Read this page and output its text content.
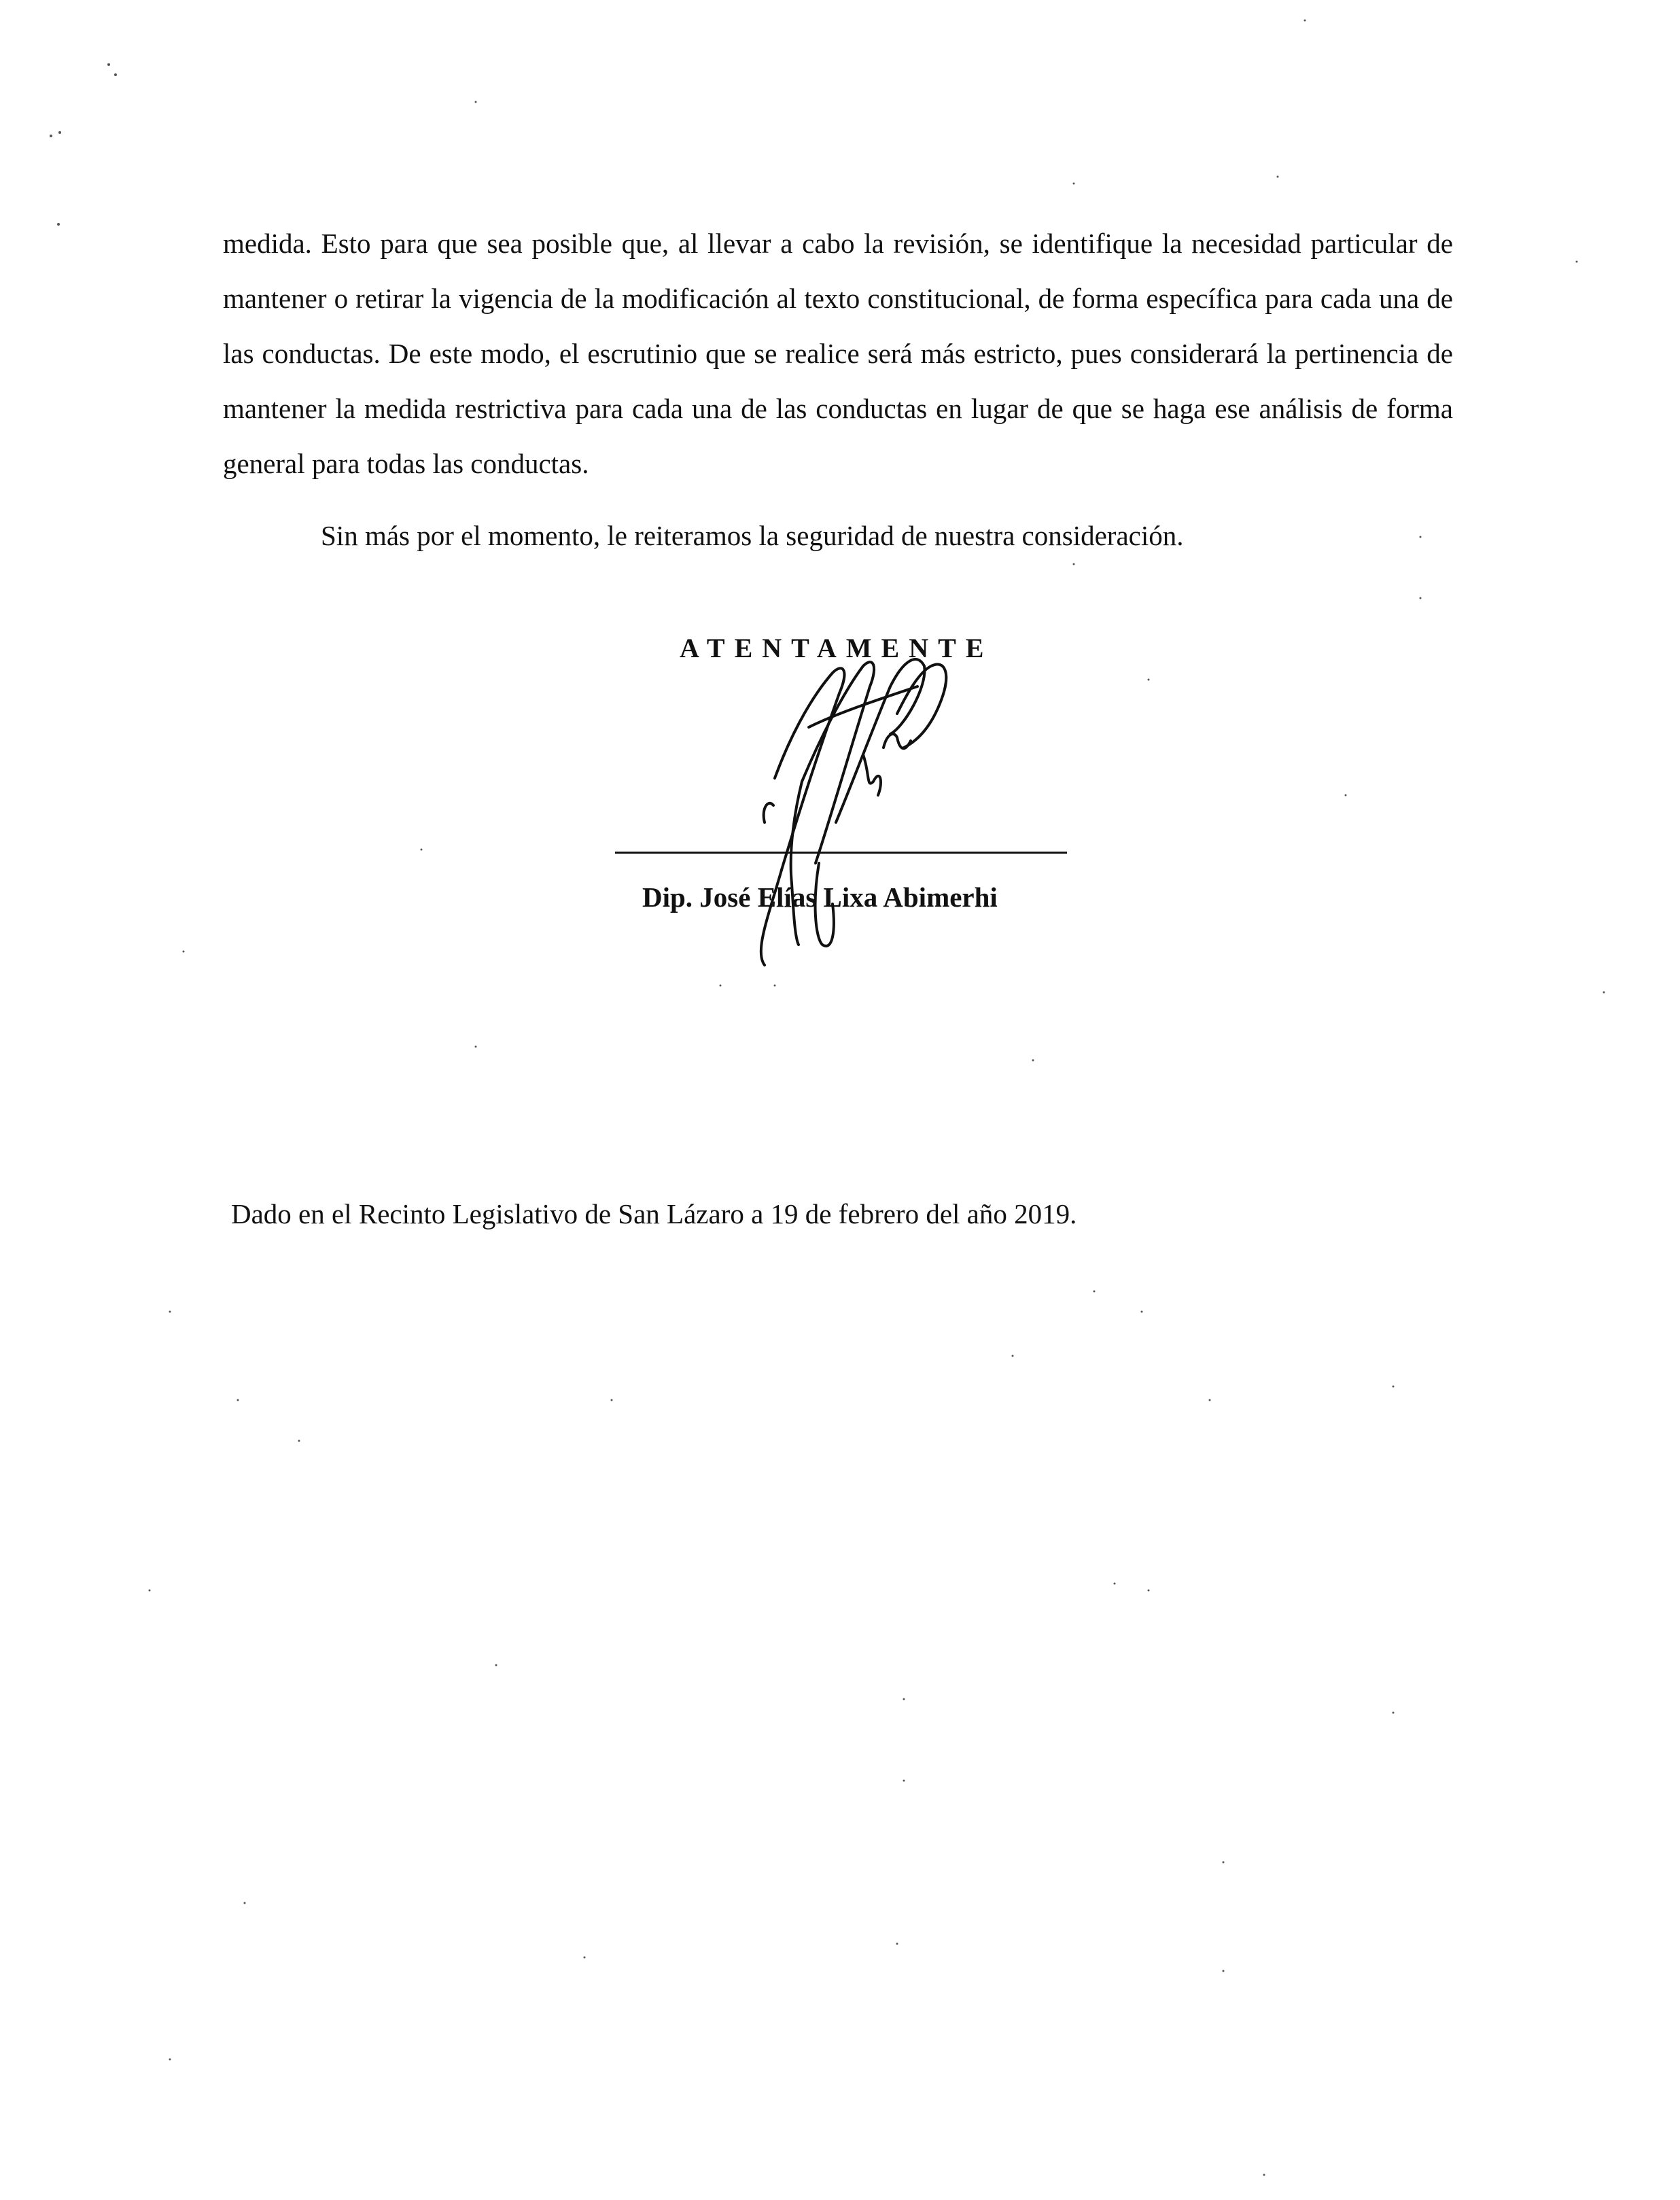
medida. Esto para que sea posible que, al llevar a cabo la revisión, se identifique la necesidad particular de mantener o retirar la vigencia de la modificación al texto constitucional, de forma específica para cada una de las conductas. De este modo, el escrutinio que se realice será más estricto, pues considerará la pertinencia de mantener la medida restrictiva para cada una de las conductas en lugar de que se haga ese análisis de forma general para todas las conductas.
Sin más por el momento, le reiteramos la seguridad de nuestra consideración.
ATENTAMENTE
Dip. José Elías Lixa Abimerhi
Dado en el Recinto Legislativo de San Lázaro a 19 de febrero del año 2019.
